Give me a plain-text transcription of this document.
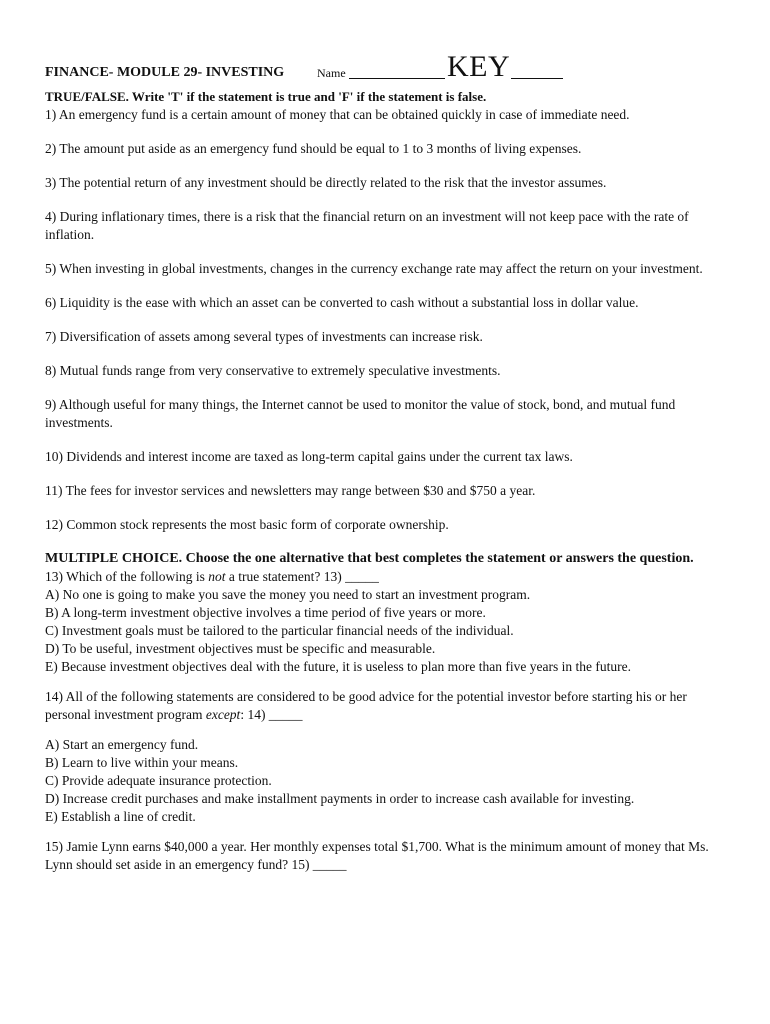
FINANCE- MODULE 29- INVESTING	Name	KEY
TRUE/FALSE. Write 'T' if the statement is true and 'F' if the statement is false.

1) An emergency fund is a certain amount of money that can be obtained quickly in case of immediate need.

2) The amount put aside as an emergency fund should be equal to 1 to 3 months of living expenses.

3) The potential return of any investment should be directly related to the risk that the investor assumes.

4) During inflationary times, there is a risk that the financial return on an investment will not keep pace with the rate of inflation.

5) When investing in global investments, changes in the currency exchange rate may affect the return on your investment.

6) Liquidity is the ease with which an asset can be converted to cash without a substantial loss in dollar value.

7) Diversification of assets among several types of investments can increase risk.

8) Mutual funds range from very conservative to extremely speculative investments.

9) Although useful for many things, the Internet cannot be used to monitor the value of stock, bond, and mutual fund investments.

10) Dividends and interest income are taxed as long-term capital gains under the current tax laws.

11) The fees for investor services and newsletters may range between $30 and $750 a year.

12) Common stock represents the most basic form of corporate ownership.

MULTIPLE CHOICE. Choose the one alternative that best completes the statement or answers the question.

13) Which of the following is not a true statement? 13) _____

A) No one is going to make you save the money you need to start an investment program.
B) A long-term investment objective involves a time period of five years or more.
C) Investment goals must be tailored to the particular financial needs of the individual.
D) To be useful, investment objectives must be specific and measurable.
E) Because investment objectives deal with the future, it is useless to plan more than five years in the future.

14) All of the following statements are considered to be good advice for the potential investor before starting his or her personal investment program except: 14) _____

A) Start an emergency fund.
B) Learn to live within your means.
C) Provide adequate insurance protection.
D) Increase credit purchases and make installment payments in order to increase cash available for investing.
E) Establish a line of credit.

15) Jamie Lynn earns $40,000 a year. Her monthly expenses total $1,700. What is the minimum amount of money that Ms. Lynn should set aside in an emergency fund? 15) _____
